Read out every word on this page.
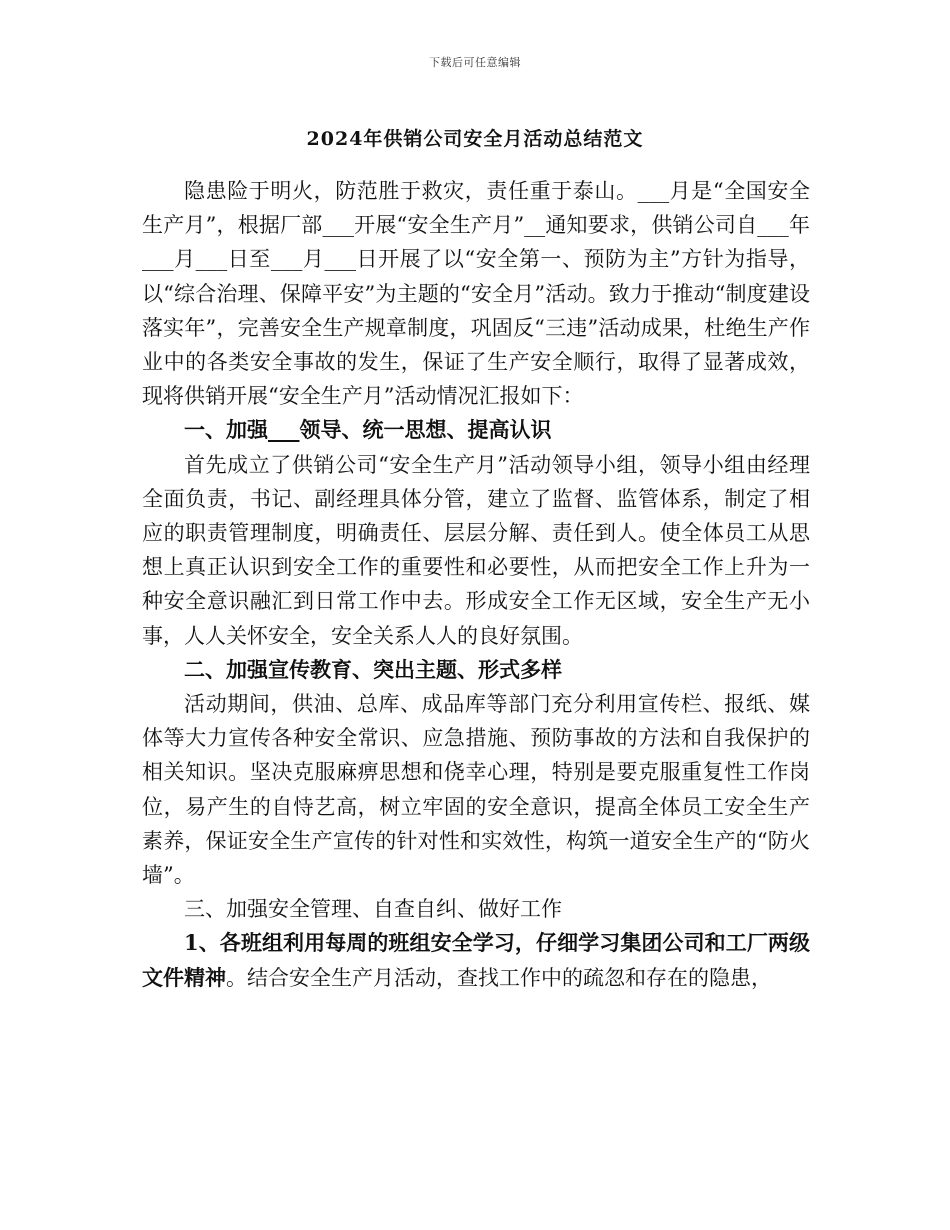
下载后可任意编辑
2024年供销公司安全月活动总结范文

隐患险于明火，防范胜于救灾，责任重于泰山。___月是“全国安全生产月”，根据厂部___开展“安全生产月”__通知要求，供销公司自___年___月___日至___月___日开展了以“安全第一、预防为主”方针为指导，以“综合治理、保障平安”为主题的“安全月”活动。致力于推动“制度建设落实年”，完善安全生产规章制度，巩固反“三违”活动成果，杜绝生产作业中的各类安全事故的发生，保证了生产安全顺行，取得了显著成效，现将供销开展“安全生产月”活动情况汇报如下：

一、加强___领导、统一思想、提高认识

首先成立了供销公司“安全生产月”活动领导小组，领导小组由经理全面负责，书记、副经理具体分管，建立了监督、监管体系，制定了相应的职责管理制度，明确责任、层层分解、责任到人。使全体员工从思想上真正认识到安全工作的重要性和必要性，从而把安全工作上升为一种安全意识融汇到日常工作中去。形成安全工作无区域，安全生产无小事，人人关怀安全，安全关系人人的良好氛围。

二、加强宣传教育、突出主题、形式多样

活动期间，供油、总库、成品库等部门充分利用宣传栏、报纸、媒体等大力宣传各种安全常识、应急措施、预防事故的方法和自我保护的相关知识。坚决克服麻痹思想和侥幸心理，特别是要克服重复性工作岗位，易产生的自恃艺高，树立牢固的安全意识，提高全体员工安全生产素养，保证安全生产宣传的针对性和实效性，构筑一道安全生产的“防火墙”。

三、加强安全管理、自查自纠、做好工作

1、各班组利用每周的班组安全学习，仔细学习集团公司和工厂两级文件精神。结合安全生产月活动，查找工作中的疏忽和存在的隐患，
